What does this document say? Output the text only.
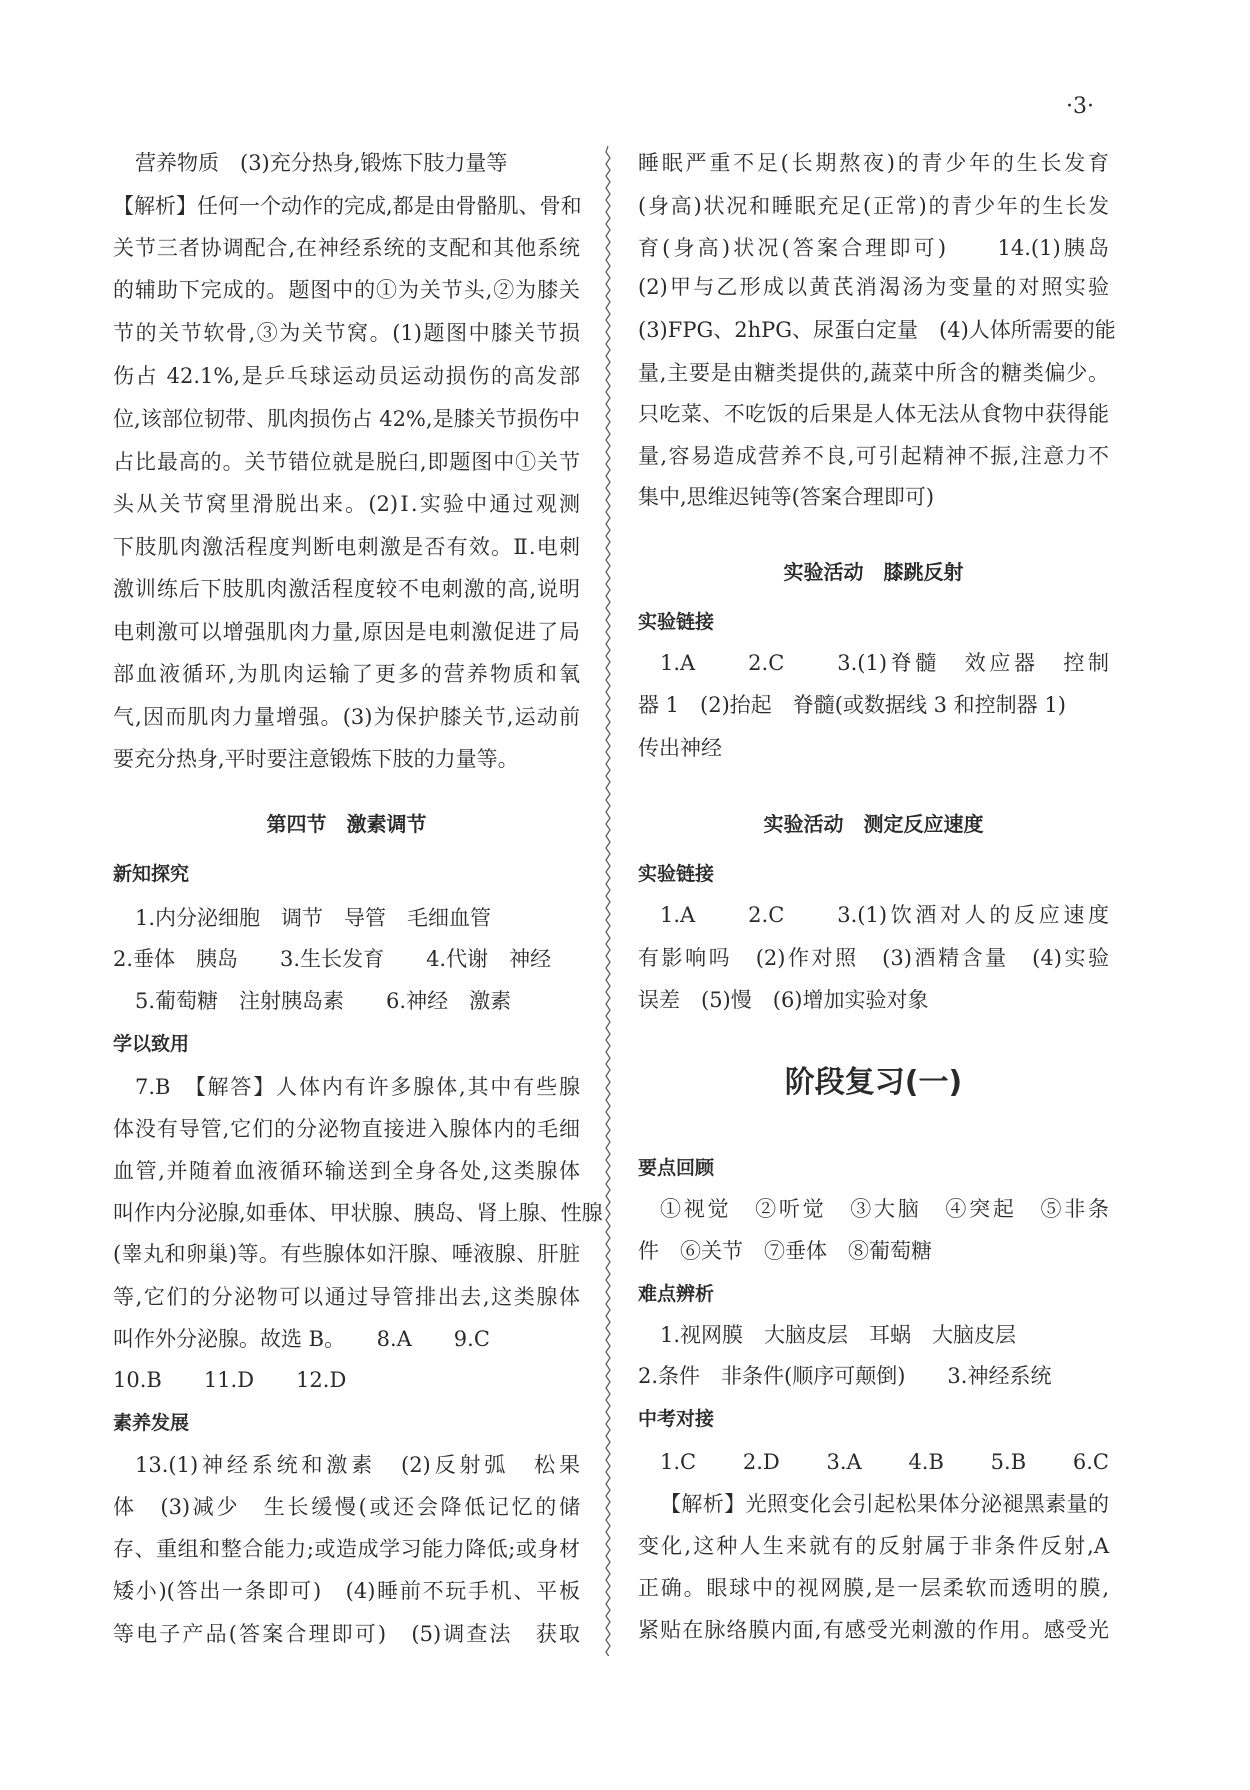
·3·
营养物质　(3)充分热身,锻炼下肢力量等
【解析】任何一个动作的完成,都是由骨骼肌、骨和
关节三者协调配合,在神经系统的支配和其他系统
的辅助下完成的。题图中的①为关节头,②为膝关
节的关节软骨,③为关节窝。(1)题图中膝关节损
伤占 42.1%,是乒乓球运动员运动损伤的高发部
位,该部位韧带、肌肉损伤占 42%,是膝关节损伤中
占比最高的。关节错位就是脱臼,即题图中①关节
头从关节窝里滑脱出来。(2)Ⅰ.实验中通过观测
下肢肌肉激活程度判断电刺激是否有效。Ⅱ.电刺
激训练后下肢肌肉激活程度较不电刺激的高,说明
电刺激可以增强肌肉力量,原因是电刺激促进了局
部血液循环,为肌肉运输了更多的营养物质和氧
气,因而肌肉力量增强。(3)为保护膝关节,运动前
要充分热身,平时要注意锻炼下肢的力量等。
第四节　激素调节
新知探究
1.内分泌细胞　调节　导管　毛细血管
2.垂体　胰岛　　3.生长发育　　4.代谢　神经
5.葡萄糖　注射胰岛素　　6.神经　激素
学以致用
7.B　【解答】人体内有许多腺体,其中有些腺
体没有导管,它们的分泌物直接进入腺体内的毛细
血管,并随着血液循环输送到全身各处,这类腺体
叫作内分泌腺,如垂体、甲状腺、胰岛、肾上腺、性腺
(睾丸和卵巢)等。有些腺体如汗腺、唾液腺、肝脏
等,它们的分泌物可以通过导管排出去,这类腺体
叫作外分泌腺。故选 B。　　8.A　　9.C
10.B　　11.D　　12.D
素养发展
13.(1)神经系统和激素　(2)反射弧　松果
体　(3)减少　生长缓慢(或还会降低记忆的储
存、重组和整合能力;或造成学习能力降低;或身材
矮小)(答出一条即可)　(4)睡前不玩手机、平板
等电子产品(答案合理即可)　(5)调查法　获取
睡眠严重不足(长期熬夜)的青少年的生长发育
(身高)状况和睡眠充足(正常)的青少年的生长发
育(身高)状况(答案合理即可)　　14.(1)胰岛
(2)甲与乙形成以黄芪消渴汤为变量的对照实验
(3)FPG、2hPG、尿蛋白定量　(4)人体所需要的能
量,主要是由糖类提供的,蔬菜中所含的糖类偏少。
只吃菜、不吃饭的后果是人体无法从食物中获得能
量,容易造成营养不良,可引起精神不振,注意力不
集中,思维迟钝等(答案合理即可)
实验活动　膝跳反射
实验链接
1.A　　2.C　　3.(1)脊髓　效应器　控制
器 1　(2)抬起　脊髓(或数据线 3 和控制器 1)
传出神经
实验活动　测定反应速度
实验链接
1.A　　2.C　　3.(1)饮酒对人的反应速度
有影响吗　(2)作对照　(3)酒精含量　(4)实验
误差　(5)慢　(6)增加实验对象
阶段复习(一)
要点回顾
①视觉　②听觉　③大脑　④突起　⑤非条
件　⑥关节　⑦垂体　⑧葡萄糖
难点辨析
1.视网膜　大脑皮层　耳蜗　大脑皮层
2.条件　非条件(顺序可颠倒)　　3.神经系统
中考对接
1.C　　2.D　　3.A　　4.B　　5.B　　6.C
【解析】光照变化会引起松果体分泌褪黑素量的
变化,这种人生来就有的反射属于非条件反射,A
正确。眼球中的视网膜,是一层柔软而透明的膜,
紧贴在脉络膜内面,有感受光刺激的作用。感受光
